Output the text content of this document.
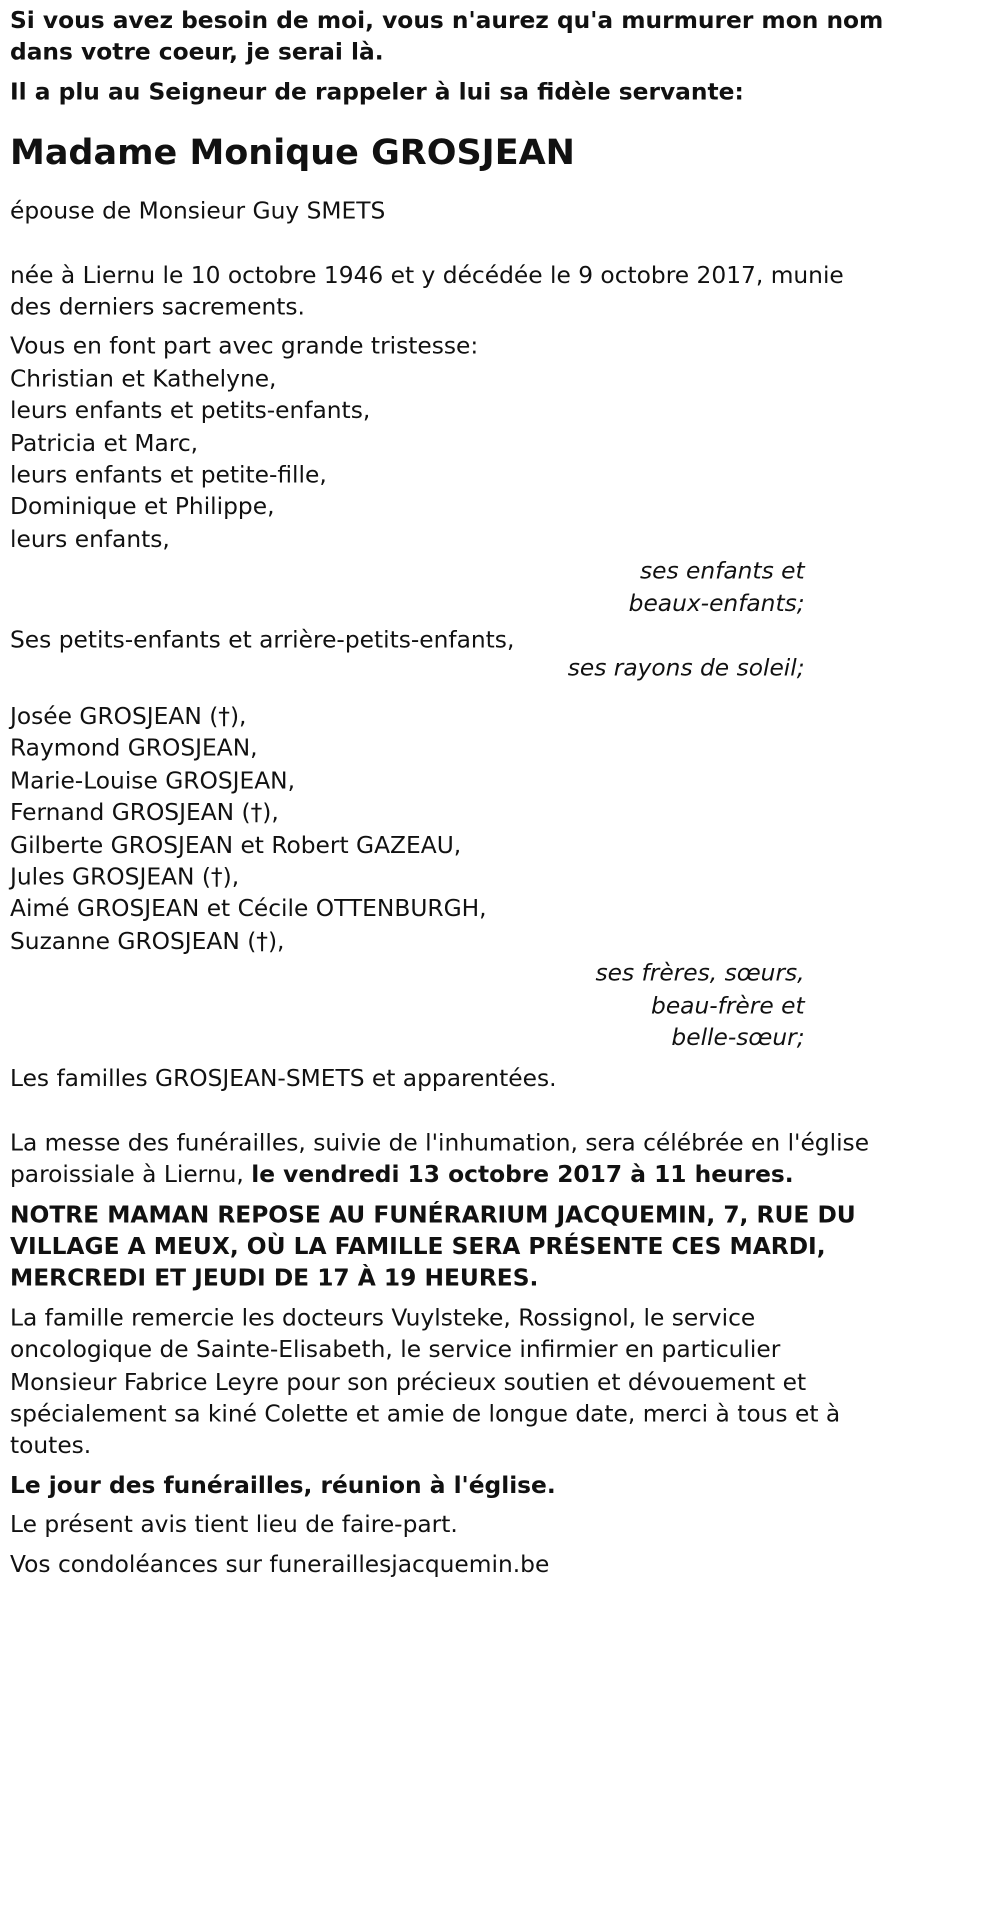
Si vous avez besoin de moi, vous n'aurez qu'a murmurer mon nom
dans votre coeur, je serai là.

Il a plu au Seigneur de rappeler à lui sa fidèle servante:

Madame Monique GROSJEAN

épouse de Monsieur Guy SMETS

née à Liernu le 10 octobre 1946 et y décédée le 9 octobre 2017, munie
des derniers sacrements.

Vous en font part avec grande tristesse:

Christian et Kathelyne,

leurs enfants et petits-enfants,

Patricia et Marc,

leurs enfants et petite-fille,

Dominique et Philippe,

leurs enfants,

ses enfants et

beaux-enfants;

Ses petits-enfants et arrière-petits-enfants,

ses rayons de soleil;

Josée GROSJEAN (†),

Raymond GROSJEAN,

Marie-Louise GROSJEAN,

Fernand GROSJEAN (†),

Gilberte GROSJEAN et Robert GAZEAU,

Jules GROSJEAN (†),

Aimé GROSJEAN et Cécile OTTENBURGH,

Suzanne GROSJEAN (†),

ses frères, sœurs,

beau-frère et

belle-sœur;

Les familles GROSJEAN-SMETS et apparentées.

La messe des funérailles, suivie de l'inhumation, sera célébrée en l'église
paroissiale à Liernu, le vendredi 13 octobre 2017 à 11 heures.

NOTRE MAMAN REPOSE AU FUNÉRARIUM JACQUEMIN, 7, RUE DU

VILLAGE A MEUX, OÙ LA FAMILLE SERA PRÉSENTE CES MARDI,

MERCREDI ET JEUDI DE 17 À 19 HEURES.

La famille remercie les docteurs Vuylsteke, Rossignol, le service

oncologique de Sainte-Elisabeth, le service infirmier en particulier

Monsieur Fabrice Leyre pour son précieux soutien et dévouement et

spécialement sa kiné Colette et amie de longue date, merci à tous et à

toutes.

Le jour des funérailles, réunion à l'église.

Le présent avis tient lieu de faire-part.

Vos condoléances sur funeraillesjacquemin.be
